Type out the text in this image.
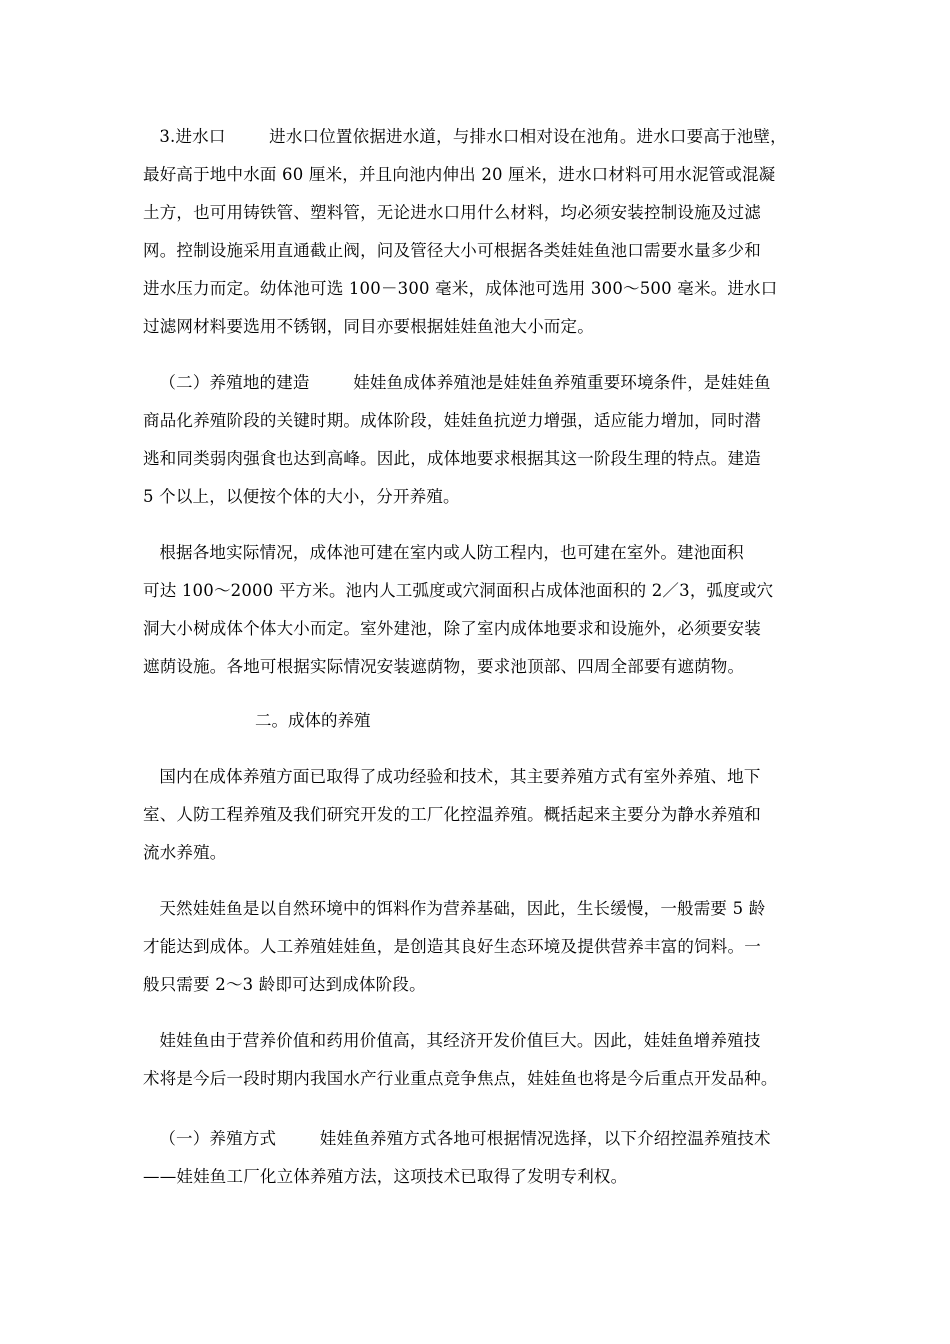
3.进水口        进水口位置依据进水道，与排水口相对设在池角。进水口要高于池壁，
最好高于地中水面 60 厘米，并且向池内伸出 20 厘米，进水口材料可用水泥管或混凝
土方，也可用铸铁管、塑料管，无论进水口用什么材料，均必须安装控制设施及过滤
网。控制设施采用直通截止阀，问及管径大小可根据各类娃娃鱼池口需要水量多少和
进水压力而定。幼体池可选 100－300 毫米，成体池可选用 300～500 毫米。进水口
过滤网材料要选用不锈钢，同目亦要根据娃娃鱼池大小而定。
（二）养殖地的建造        娃娃鱼成体养殖池是娃娃鱼养殖重要环境条件，是娃娃鱼
商品化养殖阶段的关键时期。成体阶段，娃娃鱼抗逆力增强，适应能力增加，同时潜
逃和同类弱肉强食也达到高峰。因此，成体地要求根据其这一阶段生理的特点。建造
5 个以上，以便按个体的大小，分开养殖。
根据各地实际情况，成体池可建在室内或人防工程内，也可建在室外。建池面积
可达 100～2000 平方米。池内人工弧度或穴洞面积占成体池面积的 2／3，弧度或穴
洞大小树成体个体大小而定。室外建池，除了室内成体地要求和设施外，必须要安装
遮荫设施。各地可根据实际情况安装遮荫物，要求池顶部、四周全部要有遮荫物。
二。成体的养殖
国内在成体养殖方面已取得了成功经验和技术，其主要养殖方式有室外养殖、地下
室、人防工程养殖及我们研究开发的工厂化控温养殖。概括起来主要分为静水养殖和
流水养殖。
天然娃娃鱼是以自然环境中的饵料作为营养基础，因此，生长缓慢，一般需要 5 龄
才能达到成体。人工养殖娃娃鱼，是创造其良好生态环境及提供营养丰富的饲料。一
般只需要 2～3 龄即可达到成体阶段。
娃娃鱼由于营养价值和药用价值高，其经济开发价值巨大。因此，娃娃鱼增养殖技
术将是今后一段时期内我国水产行业重点竞争焦点，娃娃鱼也将是今后重点开发品种。
（一）养殖方式        娃娃鱼养殖方式各地可根据情况选择，以下介绍控温养殖技术
——娃娃鱼工厂化立体养殖方法，这项技术已取得了发明专利权。
